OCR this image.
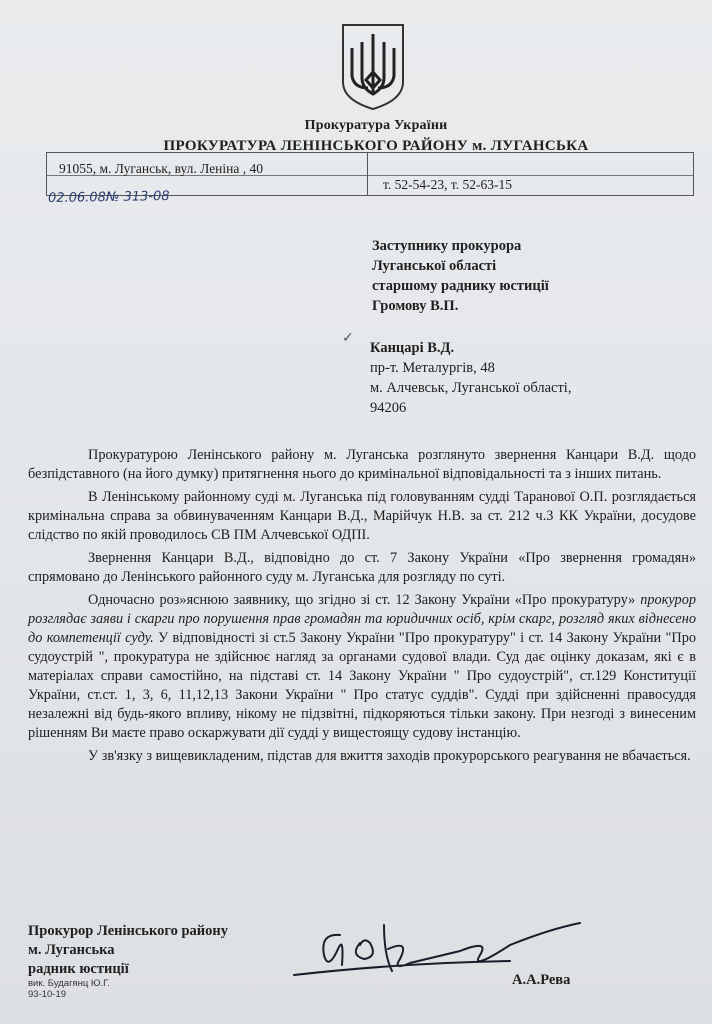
Прокуратура України
ПРОКУРАТУРА ЛЕНІНСЬКОГО РАЙОНУ м. ЛУГАНСЬКА
91055, м. Луганськ, вул. Леніна , 40
т. 52-54-23, т. 52-63-15
02.06.08№ 313-08
Заступнику прокурора
Луганської області
старшому раднику юстиції
Громову В.П.
✓
Канцарі В.Д.
пр-т. Металургів, 48
м. Алчевськ, Луганської області,
94206

Прокуратурою Ленінського району м. Луганська розглянуто звернення Канцари В.Д. щодо безпідставного (на його думку) притягнення нього до кримінальної відповідальності та з інших питань.

В Ленінському районному суді м. Луганська під головуванням судді Таранової О.П. розглядається кримінальна справа за обвинуваченням Канцари В.Д., Марійчук Н.В. за ст. 212 ч.3 КК України, досудове слідство по якій проводилось СВ ПМ Алчевської ОДПІ.

Звернення Канцари В.Д., відповідно до ст. 7 Закону України «Про звернення громадян» спрямовано до Ленінського районного суду м. Луганська для розгляду по суті.

Одночасно роз»яснюю заявнику, що згідно зі ст. 12 Закону України «Про прокуратуру» прокурор розглядає заяви і скарги про порушення прав громадян та юридичних осіб, крім скарг, розгляд яких віднесено до компетенції суду. У відповідності зі ст.5 Закону України "Про прокуратуру" і ст. 14 Закону України "Про судоустрій ", прокуратура не здійснює нагляд за органами судової влади. Суд дає оцінку доказам, які є в матеріалах справи самостійно, на підставі ст. 14 Закону України " Про судоустрій", ст.129 Конституції України, ст.ст. 1, 3, 6, 11,12,13 Закони України " Про статус суддів". Судді при здійсненні правосуддя незалежні від будь-якого впливу, нікому не підзвітні, підкоряються тільки закону. При незгоді з винесеним рішенням Ви маєте право оскаржувати дії судді у вищестоящу судову інстанцію.

У зв'язку з вищевикладеним, підстав для вжиття заходів прокурорського реагування не вбачається.

Прокурор Ленінського району
м. Луганська
радник юстиції
вик. Будагянц Ю.Г.
93-10-19
А.А.Рева
